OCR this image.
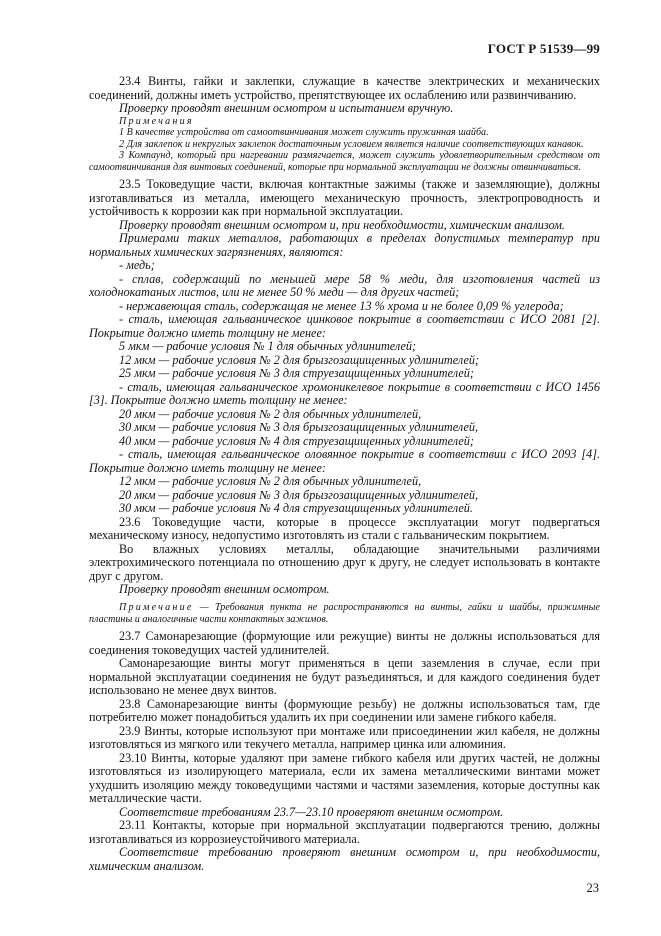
ГОСТ Р 51539—99

23.4 Винты, гайки и заклепки, служащие в качестве электрических и механических соединений, должны иметь устройство, препятствующее их ослаблению или развинчиванию.

Проверку проводят внешним осмотром и испытанием вручную.

Примечания

1 В качестве устройства от самоотвинчивания может служить пружинная шайба.

2 Для заклепок и некруглых заклепок достаточным условием является наличие соответствующих канавок.

3 Компаунд, который при нагревании размягчается, может служить удовлетворительным средством от самоотвинчивания для винтовых соединений, которые при нормальной эксплуатации не должны отвинчиваться.

23.5 Токоведущие части, включая контактные зажимы (также и заземляющие), должны изготавливаться из металла, имеющего механическую прочность, электропроводность и устойчивость к коррозии как при нормальной эксплуатации.

Проверку проводят внешним осмотром и, при необходимости, химическим анализом.

Примерами таких металлов, работающих в пределах допустимых температур при нормальных химических загрязнениях, являются:

- медь;

- сплав, содержащий по меньшей мере 58 % меди, для изготовления частей из холоднокатаных листов, или не менее 50 % меди — для других частей;

- нержавеющая сталь, содержащая не менее 13 % хрома и не более 0,09 % углерода;

- сталь, имеющая гальваническое цинковое покрытие в соответствии с ИСО 2081 [2]. Покрытие должно иметь толщину не менее:

5 мкм — рабочие условия № 1 для обычных удлинителей;

12 мкм — рабочие условия № 2 для брызгозащищенных удлинителей;

25 мкм — рабочие условия № 3 для струезащищенных удлинителей;

- сталь, имеющая гальваническое хромоникелевое покрытие в соответствии с ИСО 1456 [3]. Покрытие должно иметь толщину не менее:

20 мкм — рабочие условия № 2 для обычных удлинителей,

30 мкм — рабочие условия № 3 для брызгозащищенных удлинителей,

40 мкм — рабочие условия № 4 для струезащищенных удлинителей;

- сталь, имеющая гальваническое оловянное покрытие в соответствии с ИСО 2093 [4]. Покрытие должно иметь толщину не менее:

12 мкм — рабочие условия № 2 для обычных удлинителей,

20 мкм — рабочие условия № 3 для брызгозащищенных удлинителей,

30 мкм — рабочие условия № 4 для струезащищенных удлинителей.

23.6 Токоведущие части, которые в процессе эксплуатации могут подвергаться механическому износу, недопустимо изготовлять из стали с гальваническим покрытием.

Во влажных условиях металлы, обладающие значительными различиями электрохимического потенциала по отношению друг к другу, не следует использовать в контакте друг с другом.

Проверку проводят внешним осмотром.

Примечание — Требования пункта не распространяются на винты, гайки и шайбы, прижимные пластины и аналогичные части контактных зажимов.

23.7 Самонарезающие (формующие или режущие) винты не должны использоваться для соединения токоведущих частей удлинителей.

Самонарезающие винты могут применяться в цепи заземления в случае, если при нормальной эксплуатации соединения не будут разъединяться, и для каждого соединения будет использовано не менее двух винтов.

23.8 Самонарезающие винты (формующие резьбу) не должны использоваться там, где потребителю может понадобиться удалить их при соединении или замене гибкого кабеля.

23.9 Винты, которые используют при монтаже или присоединении жил кабеля, не должны изготовляться из мягкого или текучего металла, например цинка или алюминия.

23.10 Винты, которые удаляют при замене гибкого кабеля или других частей, не должны изготовляться из изолирующего материала, если их замена металлическими винтами может ухудшить изоляцию между токоведущими частями и частями заземления, которые доступны как металлические части.

Соответствие требованиям 23.7—23.10 проверяют внешним осмотром.

23.11 Контакты, которые при нормальной эксплуатации подвергаются трению, должны изготавливаться из коррозиеустойчивого материала.

Соответствие требованию проверяют внешним осмотром и, при необходимости, химическим анализом.

23
